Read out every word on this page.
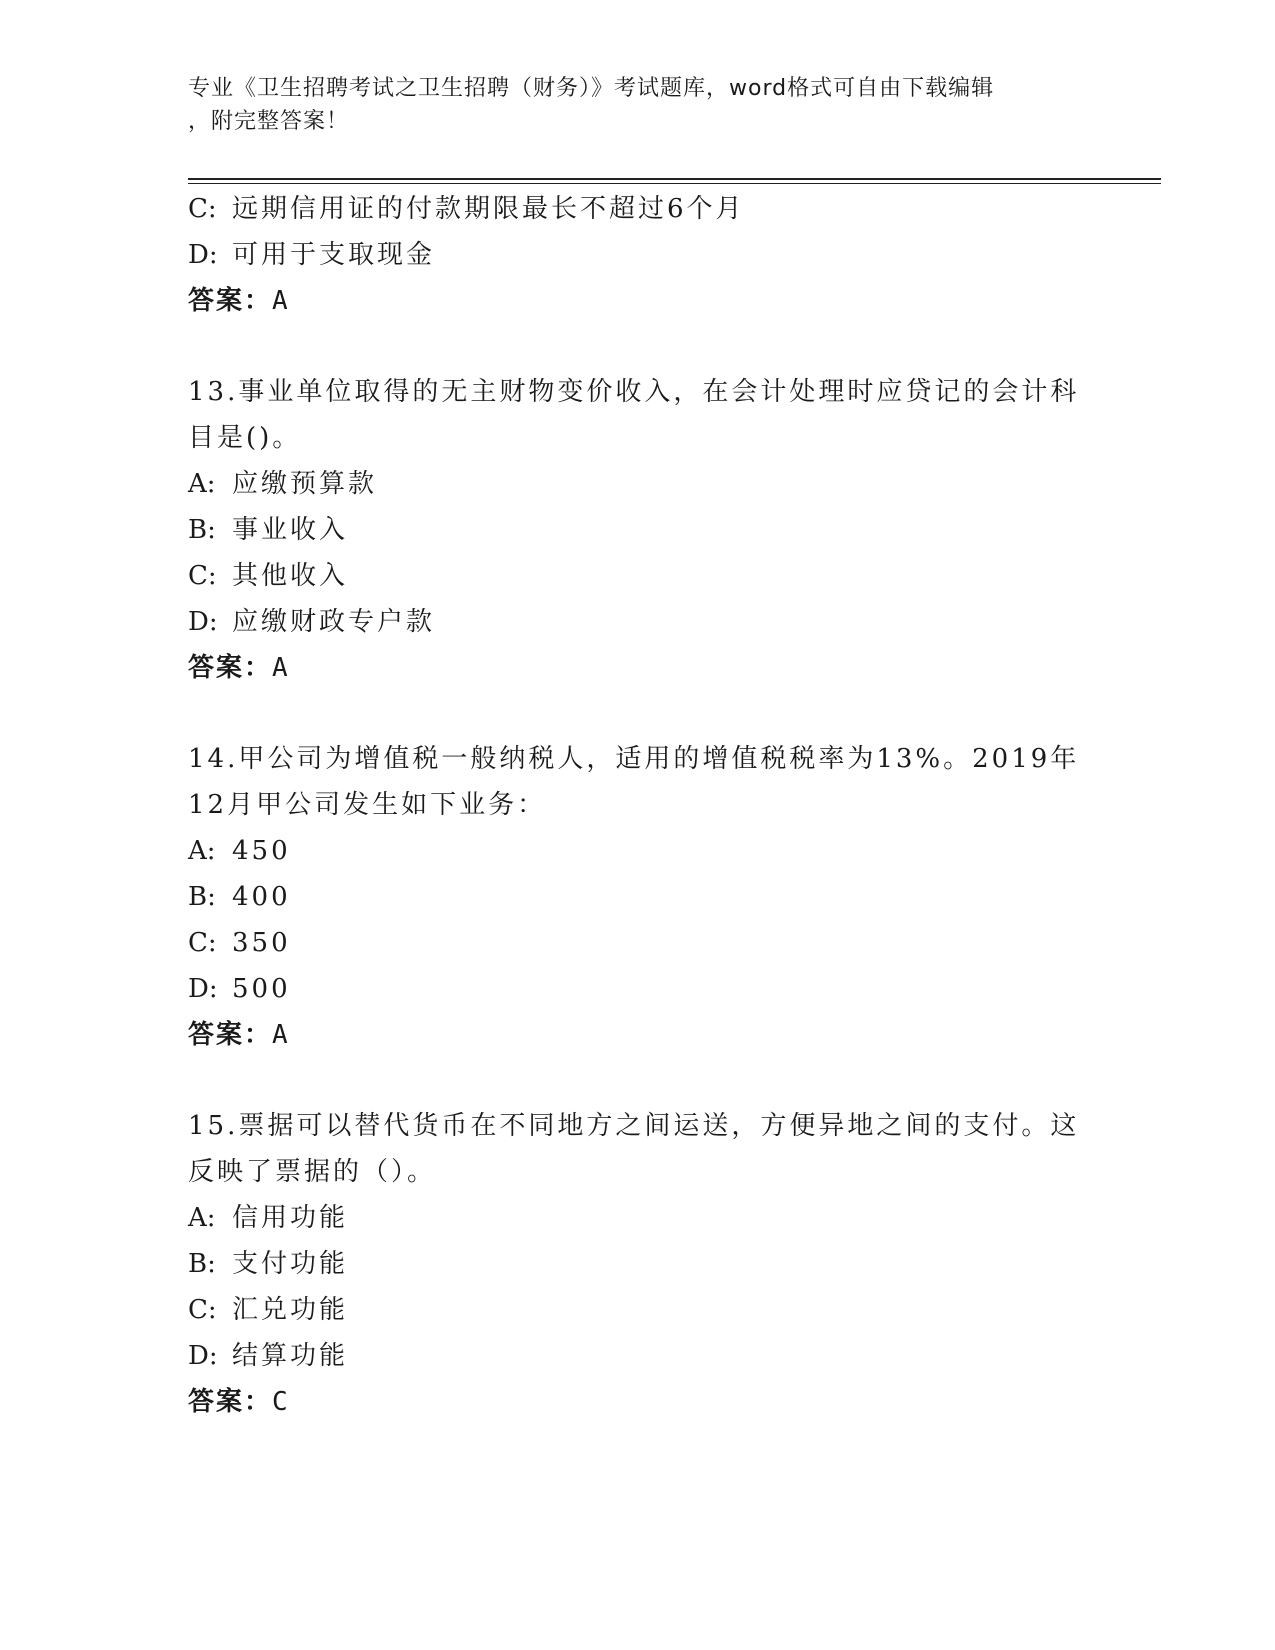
专业《卫生招聘考试之卫生招聘（财务）》考试题库，word格式可自由下载编辑
，附完整答案！
C: 远期信用证的付款期限最长不超过6个月
D: 可用于支取现金
答案：A
13.事业单位取得的无主财物变价收入，在会计处理时应贷记的会计科
目是()。
A: 应缴预算款
B: 事业收入
C: 其他收入
D: 应缴财政专户款
答案：A
14.甲公司为增值税一般纳税人，适用的增值税税率为13%。2019年
12月甲公司发生如下业务：
A: 450
B: 400
C: 350
D: 500
答案：A
15.票据可以替代货币在不同地方之间运送，方便异地之间的支付。这
反映了票据的（）。
A: 信用功能
B: 支付功能
C: 汇兑功能
D: 结算功能
答案：C
